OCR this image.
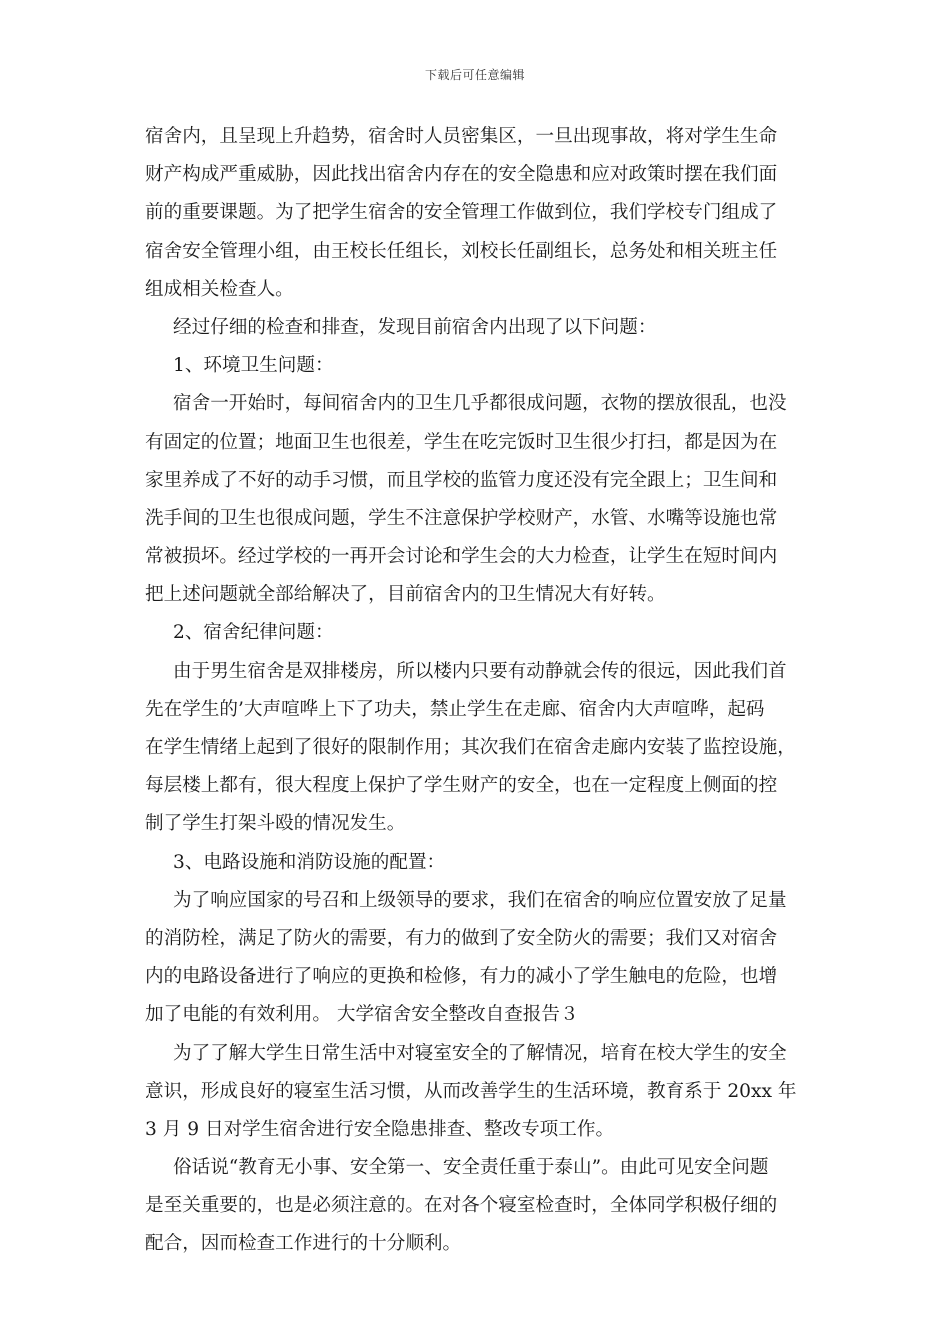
下载后可任意编辑
宿舍内，且呈现上升趋势，宿舍时人员密集区，一旦出现事故，将对学生生命
财产构成严重威胁，因此找出宿舍内存在的安全隐患和应对政策时摆在我们面
前的重要课题。为了把学生宿舍的安全管理工作做到位，我们学校专门组成了
宿舍安全管理小组，由王校长任组长，刘校长任副组长，总务处和相关班主任
组成相关检查人。
经过仔细的检查和排查，发现目前宿舍内出现了以下问题：
1、环境卫生问题：
宿舍一开始时，每间宿舍内的卫生几乎都很成问题，衣物的摆放很乱，也没
有固定的位置；地面卫生也很差，学生在吃完饭时卫生很少打扫，都是因为在
家里养成了不好的动手习惯，而且学校的监管力度还没有完全跟上；卫生间和
洗手间的卫生也很成问题，学生不注意保护学校财产，水管、水嘴等设施也常
常被损坏。经过学校的一再开会讨论和学生会的大力检查，让学生在短时间内
把上述问题就全部给解决了，目前宿舍内的卫生情况大有好转。
2、宿舍纪律问题：
由于男生宿舍是双排楼房，所以楼内只要有动静就会传的很远，因此我们首
先在学生的’大声喧哗上下了功夫，禁止学生在走廊、宿舍内大声喧哗，起码
在学生情绪上起到了很好的限制作用；其次我们在宿舍走廊内安装了监控设施，
每层楼上都有，很大程度上保护了学生财产的安全，也在一定程度上侧面的控
制了学生打架斗殴的情况发生。
3、电路设施和消防设施的配置：
为了响应国家的号召和上级领导的要求，我们在宿舍的响应位置安放了足量
的消防栓，满足了防火的需要，有力的做到了安全防火的需要；我们又对宿舍
内的电路设备进行了响应的更换和检修，有力的减小了学生触电的危险，也增
加了电能的有效利用。 大学宿舍安全整改自查报告３
为了了解大学生日常生活中对寝室安全的了解情况，培育在校大学生的安全
意识，形成良好的寝室生活习惯，从而改善学生的生活环境，教育系于 20xx 年
3 月 9 日对学生宿舍进行安全隐患排查、整改专项工作。
俗话说“教育无小事、安全第一、安全责任重于泰山”。由此可见安全问题
是至关重要的，也是必须注意的。在对各个寝室检查时，全体同学积极仔细的
配合，因而检查工作进行的十分顺利。
